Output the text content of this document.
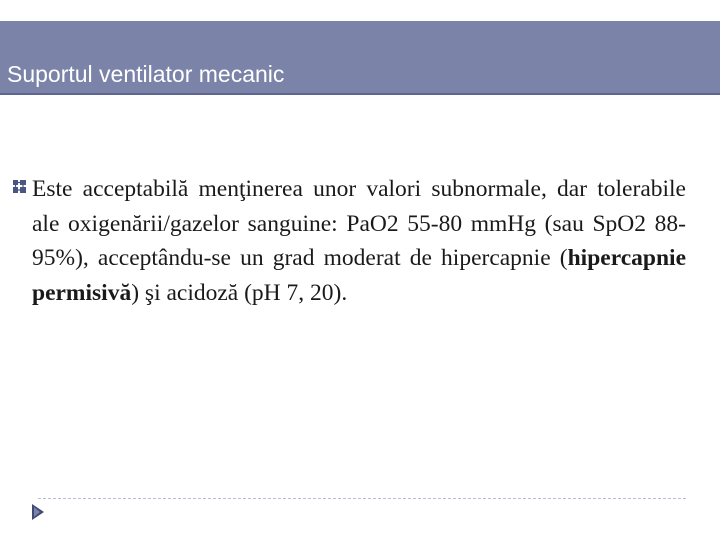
Suportul ventilator mecanic

Este acceptabilă menţinerea unor valori subnormale, dar tolerabile ale oxigenării/gazelor sanguine: PaO2 55-80 mmHg (sau SpO2 88-95%), acceptându-se un grad moderat de hipercapnie (hipercapnie permisivă) şi acidoză (pH 7, 20).
